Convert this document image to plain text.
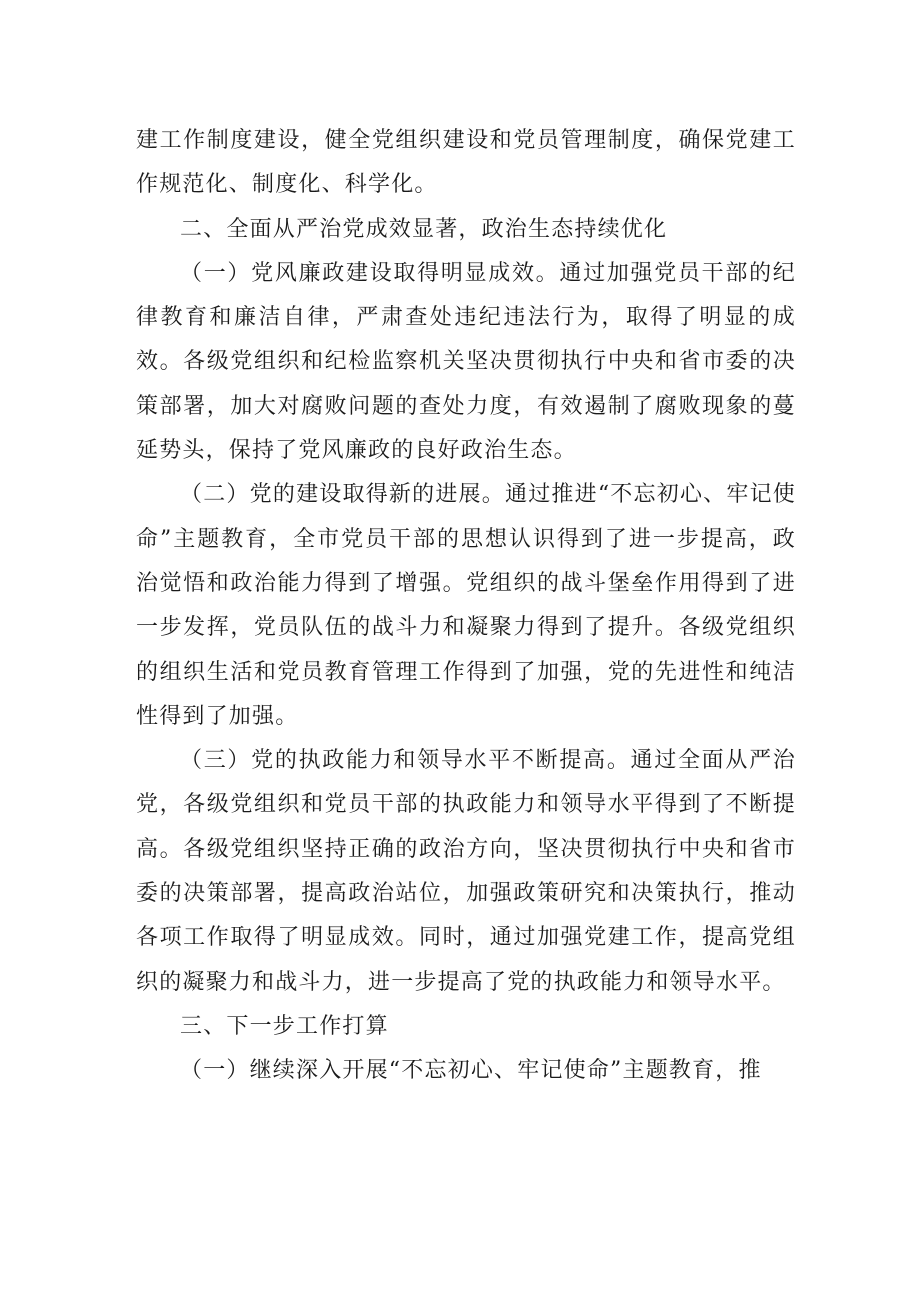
建工作制度建设，健全党组织建设和党员管理制度，确保党建工作规范化、制度化、科学化。

二、全面从严治党成效显著，政治生态持续优化

（一）党风廉政建设取得明显成效。通过加强党员干部的纪律教育和廉洁自律，严肃查处违纪违法行为，取得了明显的成效。各级党组织和纪检监察机关坚决贯彻执行中央和省市委的决策部署，加大对腐败问题的查处力度，有效遏制了腐败现象的蔓延势头，保持了党风廉政的良好政治生态。

（二）党的建设取得新的进展。通过推进“不忘初心、牢记使命”主题教育，全市党员干部的思想认识得到了进一步提高，政治觉悟和政治能力得到了增强。党组织的战斗堡垒作用得到了进一步发挥，党员队伍的战斗力和凝聚力得到了提升。各级党组织的组织生活和党员教育管理工作得到了加强，党的先进性和纯洁性得到了加强。

（三）党的执政能力和领导水平不断提高。通过全面从严治党，各级党组织和党员干部的执政能力和领导水平得到了不断提高。各级党组织坚持正确的政治方向，坚决贯彻执行中央和省市委的决策部署，提高政治站位，加强政策研究和决策执行，推动各项工作取得了明显成效。同时，通过加强党建工作，提高党组织的凝聚力和战斗力，进一步提高了党的执政能力和领导水平。

三、下一步工作打算

（一）继续深入开展“不忘初心、牢记使命”主题教育，推
